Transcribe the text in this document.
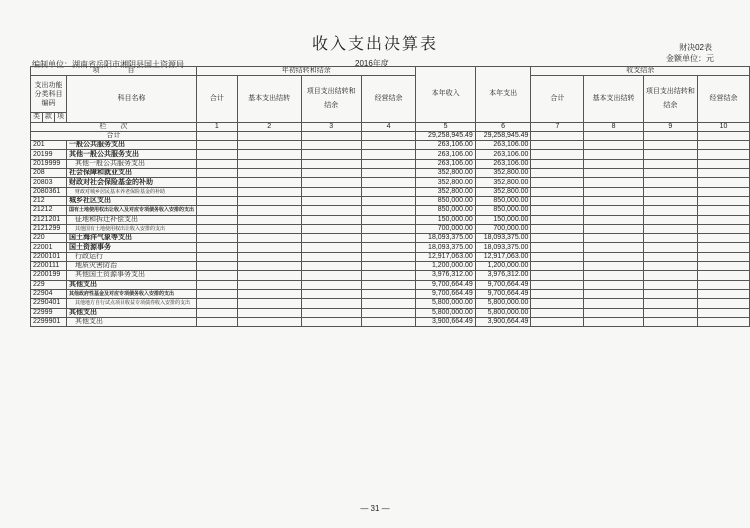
收入支出决算表	财决02表
金额单位：元
编制单位：湖南省岳阳市湘阴县国土资源局	2016年度
项　　　　目				年初结转和结余				本年收入	本年支出	收支结余			
支出功能分类科目编码			科目名称	合计	基本支出结转	项目支出结转和结余	经营结余			合计	基本支出结转	项目支出结转和结余	经营结余

类	款	项											
栏　　次				1	2	3	4	5	6	7	8	9	10
合计								29,258,945.49	29,258,945.49				
201			一般公共服务支出					263,106.00	263,106.00				
20199			其他一般公共服务支出					263,106.00	263,106.00				
2019999			其他一般公共服务支出					263,106.00	263,106.00				
208			社会保障和就业支出					352,800.00	352,800.00				
20803			财政对社会保险基金的补助					352,800.00	352,800.00				
2080361			财政对城乡居民基本养老保险基金的补助					352,800.00	352,800.00				
212			城乡社区支出					850,000.00	850,000.00				
21212			国有土地使用权出让收入及对应专项债务收入安排的支出					850,000.00	850,000.00				
2121201			征地和拆迁补偿支出					150,000.00	150,000.00				
2121299			其他国有土地使用权出让收入安排的支出					700,000.00	700,000.00				
220			国土海洋气象等支出					18,093,375.00	18,093,375.00				
22001			国土资源事务					18,093,375.00	18,093,375.00				
2200101			行政运行					12,917,063.00	12,917,063.00				
2200111			地质灾害防治					1,200,000.00	1,200,000.00				
2200199			其他国土资源事务支出					3,976,312.00	3,976,312.00				
229			其他支出					9,700,664.49	9,700,664.49				
22904			其他政府性基金及对应专项债务收入安排的支出					9,700,664.49	9,700,664.49				
2290401			其他地方自行试点项目收益专项债券收入安排的支出					5,800,000.00	5,800,000.00				
22999			其他支出					5,800,000.00	5,800,000.00				
2299901			其他支出					3,900,664.49	3,900,664.49				
— 31 —
